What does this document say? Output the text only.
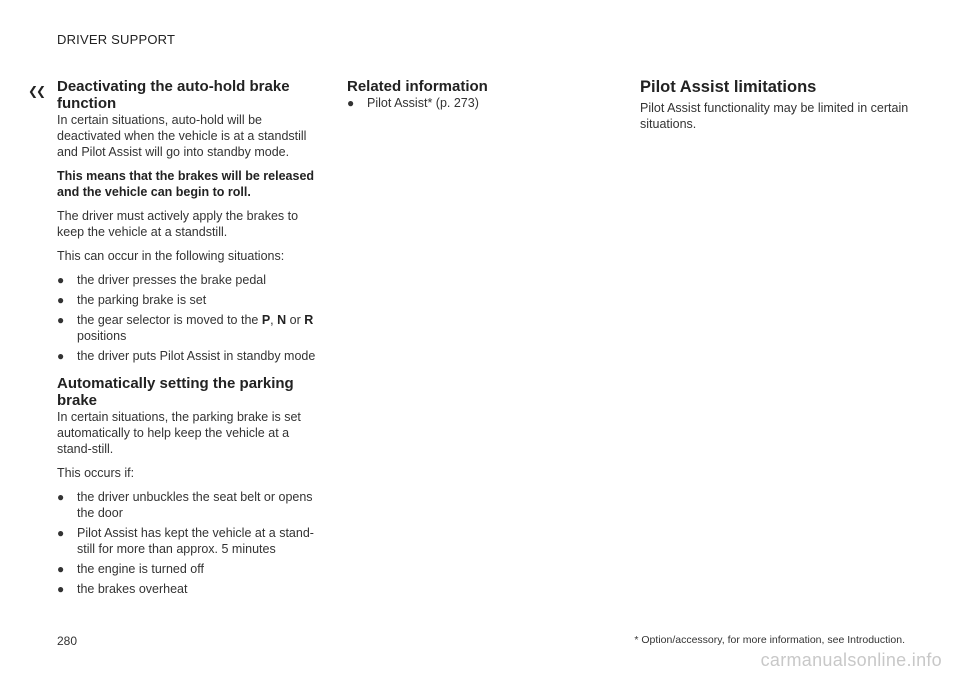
DRIVER SUPPORT
❮❮ Deactivating the auto-hold brake function

In certain situations, auto-hold will be deactivated when the vehicle is at a standstill and Pilot Assist will go into standby mode.

This means that the brakes will be released and the vehicle can begin to roll.

The driver must actively apply the brakes to keep the vehicle at a standstill.

This can occur in the following situations:

● the driver presses the brake pedal
● the parking brake is set
● the gear selector is moved to the P, N or R positions
● the driver puts Pilot Assist in standby mode
Automatically setting the parking brake

In certain situations, the parking brake is set automatically to help keep the vehicle at a stand-still.

This occurs if:

● the driver unbuckles the seat belt or opens the door
● Pilot Assist has kept the vehicle at a stand-still for more than approx. 5 minutes
● the engine is turned off
● the brakes overheat
Related information
● Pilot Assist* (p. 273)
Pilot Assist limitations

Pilot Assist functionality may be limited in certain situations.

* Option/accessory, for more information, see Introduction.
280
carmanualsonline.info
